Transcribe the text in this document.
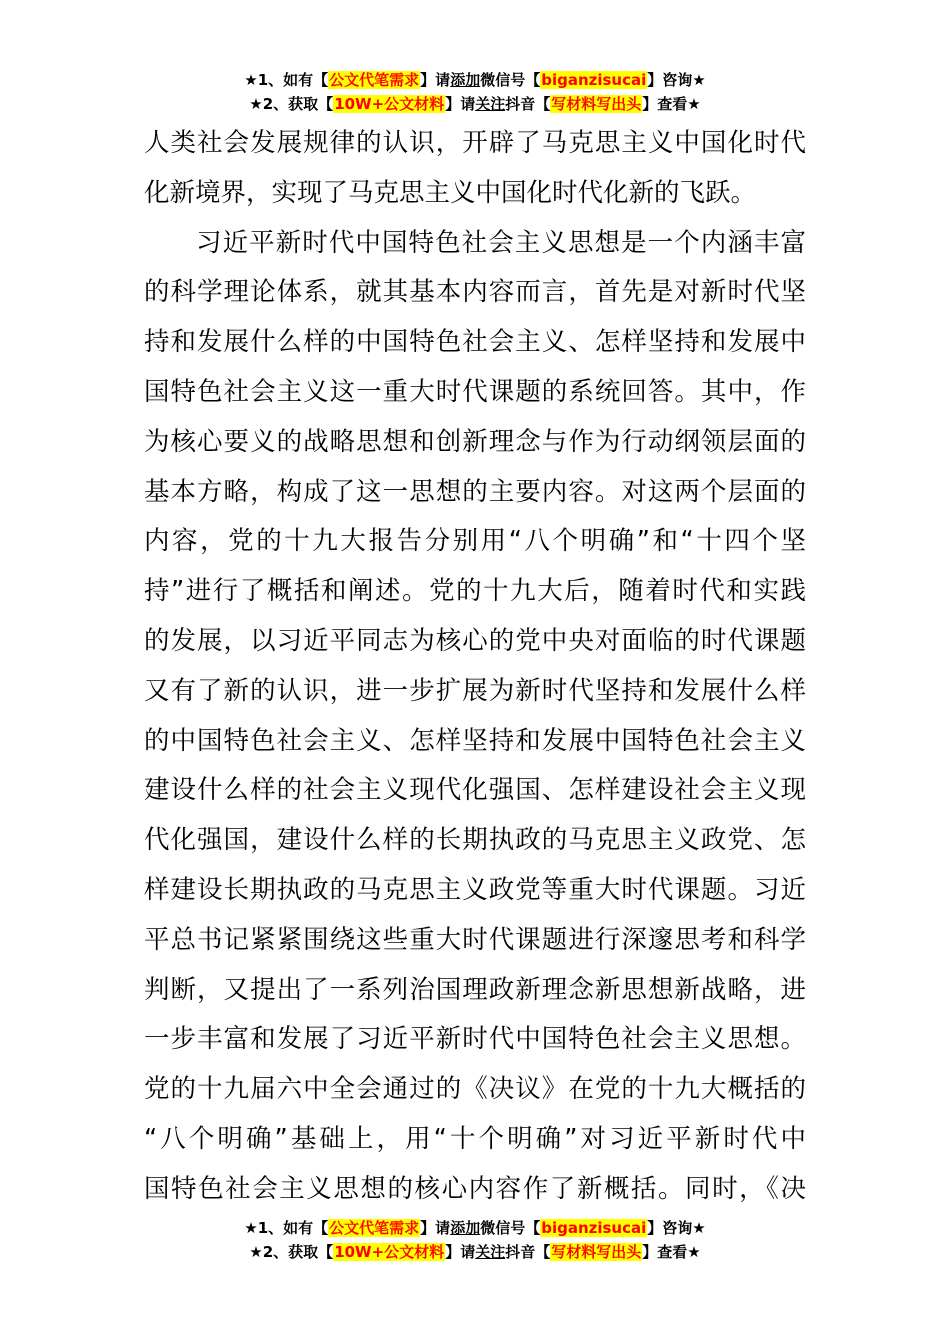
★1、如有【公文代笔需求】请添加微信号【biganzisucai】咨询★
★2、获取【10W+公文材料】请关注抖音【写材料写出头】查看★
人类社会发展规律的认识，开辟了马克思主义中国化时代
化新境界，实现了马克思主义中国化时代化新的飞跃。
习近平新时代中国特色社会主义思想是一个内涵丰富
的科学理论体系，就其基本内容而言，首先是对新时代坚
持和发展什么样的中国特色社会主义、怎样坚持和发展中
国特色社会主义这一重大时代课题的系统回答。其中，作
为核心要义的战略思想和创新理念与作为行动纲领层面的
基本方略，构成了这一思想的主要内容。对这两个层面的
内容，党的十九大报告分别用“八个明确”和“十四个坚
持”进行了概括和阐述。党的十九大后，随着时代和实践
的发展，以习近平同志为核心的党中央对面临的时代课题
又有了新的认识，进一步扩展为新时代坚持和发展什么样
的中国特色社会主义、怎样坚持和发展中国特色社会主义
建设什么样的社会主义现代化强国、怎样建设社会主义现
代化强国，建设什么样的长期执政的马克思主义政党、怎
样建设长期执政的马克思主义政党等重大时代课题。习近
平总书记紧紧围绕这些重大时代课题进行深邃思考和科学
判断，又提出了一系列治国理政新理念新思想新战略，进
一步丰富和发展了习近平新时代中国特色社会主义思想。
党的十九届六中全会通过的《决议》在党的十九大概括的
“八个明确”基础上，用“十个明确”对习近平新时代中
国特色社会主义思想的核心内容作了新概括。同时，《决
★1、如有【公文代笔需求】请添加微信号【biganzisucai】咨询★
★2、获取【10W+公文材料】请关注抖音【写材料写出头】查看★
